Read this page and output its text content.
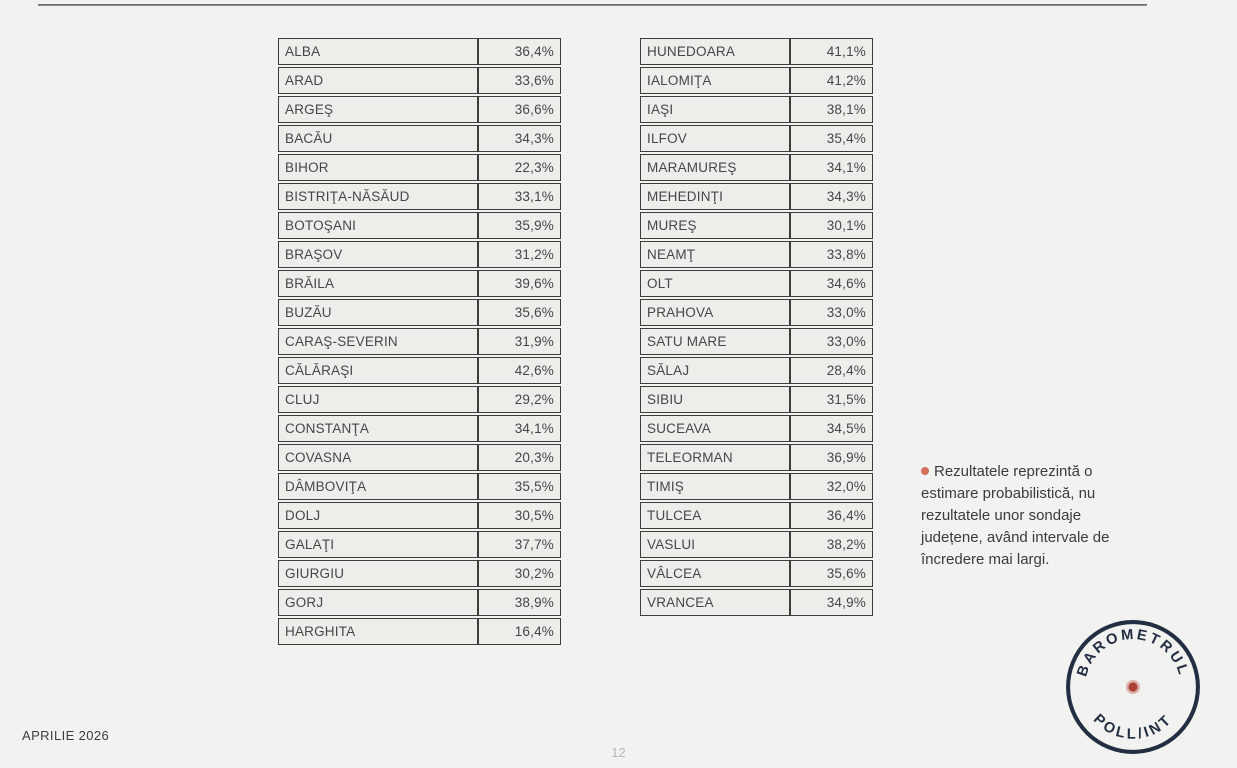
ALBA	36,4%
ARAD	33,6%
ARGEŞ	36,6%
BACĂU	34,3%
BIHOR	22,3%
BISTRIŢA-NĂSĂUD	33,1%
BOTOŞANI	35,9%
BRAŞOV	31,2%
BRĂILA	39,6%
BUZĂU	35,6%
CARAŞ-SEVERIN	31,9%
CĂLĂRAŞI	42,6%
CLUJ	29,2%
CONSTANŢA	34,1%
COVASNA	20,3%
DÂMBOVIŢA	35,5%
DOLJ	30,5%
GALAŢI	37,7%
GIURGIU	30,2%
GORJ	38,9%
HARGHITA	16,4%
HUNEDOARA	41,1%
IALOMIŢA	41,2%
IAŞI	38,1%
ILFOV	35,4%
MARAMUREŞ	34,1%
MEHEDINŢI	34,3%
MUREŞ	30,1%
NEAMŢ	33,8%
OLT	34,6%
PRAHOVA	33,0%
SATU MARE	33,0%
SĂLAJ	28,4%
SIBIU	31,5%
SUCEAVA	34,5%
TELEORMAN	36,9%
TIMIŞ	32,0%
TULCEA	36,4%
VASLUI	38,2%
VÂLCEA	35,6%
VRANCEA	34,9%
Rezultatele reprezintă o estimare probabilistică, nu rezultatele unor sondaje județene, având intervale de încredere mai largi.
BAROMETRUL
POLL/INT
APRILIE 2026
12
